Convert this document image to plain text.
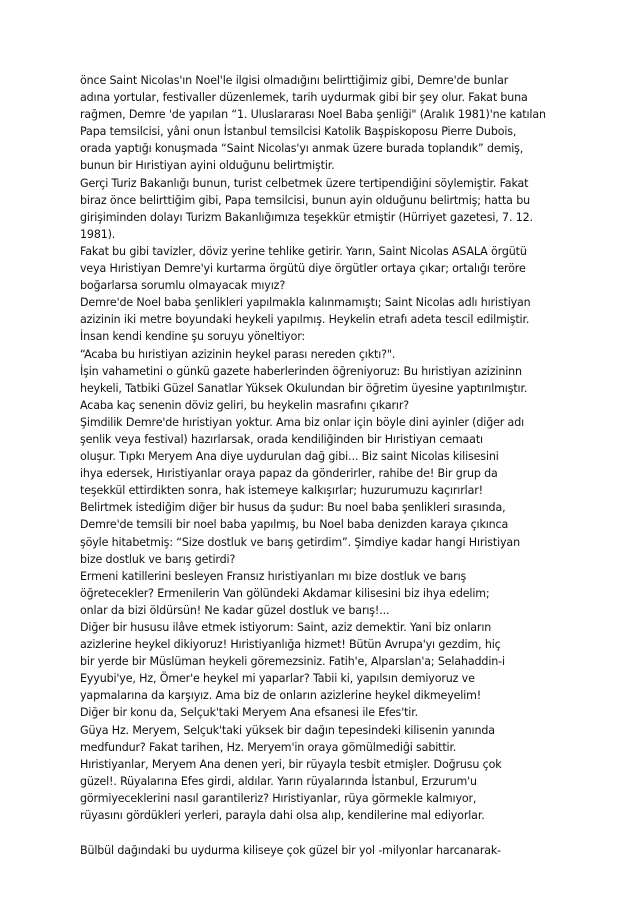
önce Saint Nicolas'ın Noel'le ilgisi olmadığını belirttiğimiz gibi, Demre'de bunlar
adına yortular, festivaller düzenlemek, tarih uydurmak gibi bir şey olur. Fakat buna
rağmen, Demre 'de yapılan “1. Uluslararası Noel Baba şenliği" (Aralık 1981)'ne katılan
Papa temsilcisi, yâni onun İstanbul temsilcisi Katolik Başpiskoposu Pierre Dubois,
orada yaptığı konuşmada “Saint Nicolas'yı anmak üzere burada toplandık” demiş,
bunun bir Hıristiyan ayini olduğunu belirtmiştir.
Gerçi Turiz Bakanlığı bunun, turist celbetmek üzere tertipendiğini söylemiştir. Fakat
biraz önce belirttiğim gibi, Papa temsilcisi, bunun ayin olduğunu belirtmiş; hatta bu
girişiminden dolayı Turizm Bakanlığımıza teşekkür etmiştir (Hürriyet gazetesi, 7. 12.
1981).
Fakat bu gibi tavizler, döviz yerine tehlike getirir. Yarın, Saint Nicolas ASALA örgütü
veya Hıristiyan Demre'yi kurtarma örgütü diye örgütler ortaya çıkar; ortalığı teröre
boğarlarsa sorumlu olmayacak mıyız?
Demre'de Noel baba şenlikleri yapılmakla kalınmamıştı; Saint Nicolas adlı hıristiyan
azizinin iki metre boyundaki heykeli yapılmış. Heykelin etrafı adeta tescil edilmiştir.
İnsan kendi kendine şu soruyu yöneltiyor:
“Acaba bu hıristiyan azizinin heykel parası nereden çıktı?".
İşin vahametini o günkü gazete haberlerinden öğreniyoruz: Bu hıristiyan azizininn
heykeli, Tatbiki Güzel Sanatlar Yüksek Okulundan bir öğretim üyesine yaptırılmıştır.
Acaba kaç senenin döviz geliri, bu heykelin masrafını çıkarır?
Şimdilik Demre'de hıristiyan yoktur. Ama biz onlar için böyle dini ayinler (diğer adı
şenlik veya festival) hazırlarsak, orada kendiliğinden bir Hıristiyan cemaatı
oluşur. Tıpkı Meryem Ana diye uydurulan dağ gibi... Biz saint Nicolas kilisesini
ihya edersek, Hıristiyanlar oraya papaz da gönderirler, rahibe de! Bir grup da
teşekkül ettirdikten sonra, hak istemeye kalkışırlar; huzurumuzu kaçırırlar!
Belirtmek istediğim diğer bir husus da şudur: Bu noel baba şenlikleri sırasında,
Demre'de temsili bir noel baba yapılmış, bu Noel baba denizden karaya çıkınca
şöyle hitabetmiş: “Size dostluk ve barış getirdim”. Şimdiye kadar hangi Hıristiyan
bize dostluk ve barış getirdi?
Ermeni katillerini besleyen Fransız hıristiyanları mı bize dostluk ve barış
öğretecekler? Ermenilerin Van gölündeki Akdamar kilisesini biz ihya edelim;
onlar da bizi öldürsün! Ne kadar güzel dostluk ve barış!...
Diğer bir hususu ilâve etmek istiyorum: Saint, aziz demektir. Yani biz onların
azizlerine heykel dikiyoruz! Hıristiyanlığa hizmet! Bütün Avrupa'yı gezdim, hiç
bir yerde bir Müslüman heykeli göremezsiniz. Fatih'e, Alparslan'a; Selahaddin-i
Eyyubi'ye, Hz, Ömer'e heykel mi yaparlar? Tabii ki, yapılsın demiyoruz ve
yapmalarına da karşıyız. Ama biz de onların azizlerine heykel dikmeyelim!
Diğer bir konu da, Selçuk'taki Meryem Ana efsanesi ile Efes'tir.
Güya Hz. Meryem, Selçuk'taki yüksek bir dağın tepesindeki kilisenin yanında
medfundur? Fakat tarihen, Hz. Meryem'in oraya gömülmediği sabittir.
Hıristiyanlar, Meryem Ana denen yeri, bir rüyayla tesbit etmişler. Doğrusu çok
güzel!. Rüyalarına Efes girdi, aldılar. Yarın rüyalarında İstanbul, Erzurum'u
görmiyeceklerini nasıl garantileriz? Hıristiyanlar, rüya görmekle kalmıyor,
rüyasını gördükleri yerleri, parayla dahi olsa alıp, kendilerine mal ediyorlar.
Bülbül dağındaki bu uydurma kiliseye çok güzel bir yol -milyonlar harcanarak-
